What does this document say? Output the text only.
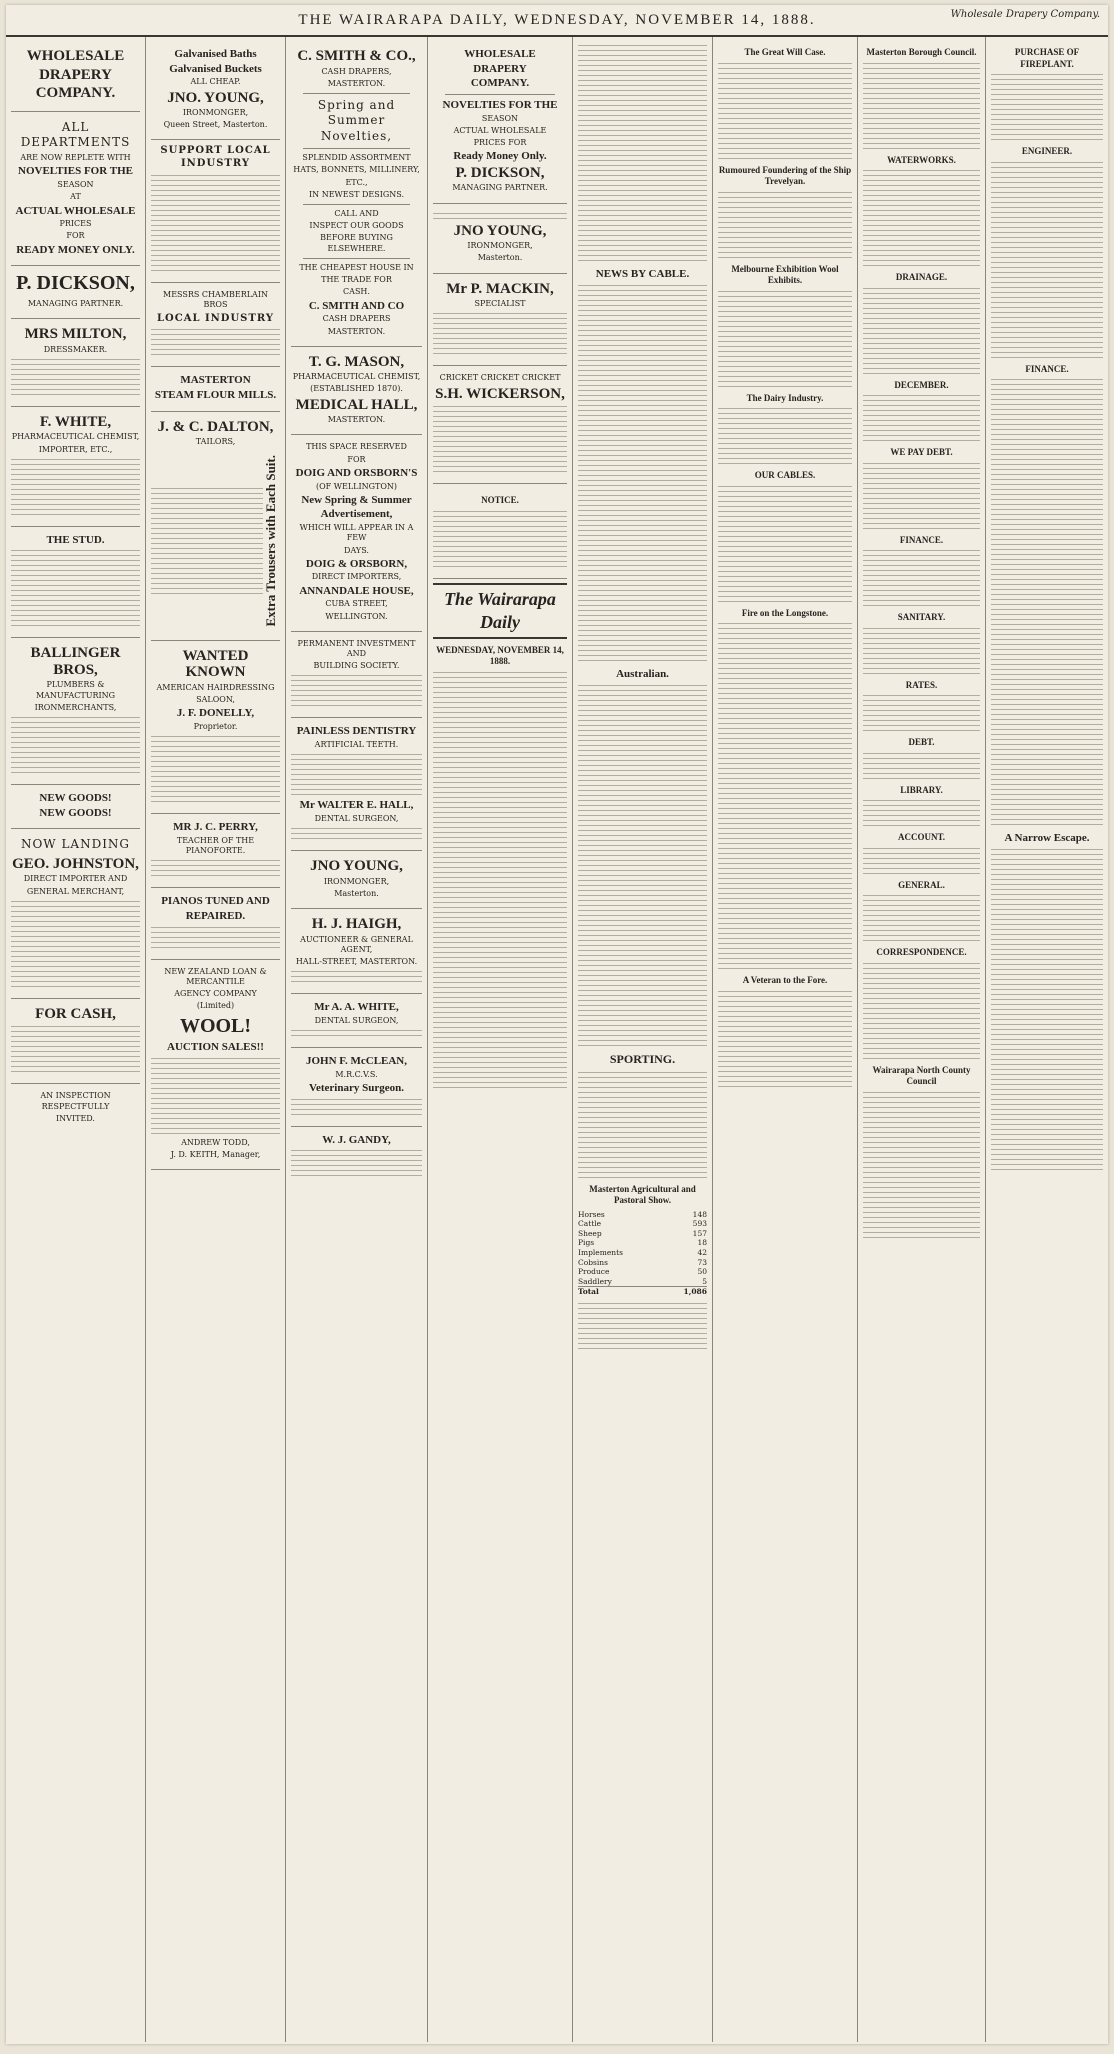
THE WAIRARAPA DAILY, WEDNESDAY, NOVEMBER 14, 1888.	Wholesale Drapery Company.
WHOLESALE
DRAPERY
COMPANY.
ALL DEPARTMENTS
ARE NOW REPLETE WITH
NOVELTIES FOR THE
SEASON
AT
ACTUAL WHOLESALE
PRICES
FOR
READY MONEY ONLY.
P. DICKSON,
MANAGING PARTNER.
MRS MILTON,
DRESSMAKER.
F. WHITE,
PHARMACEUTICAL CHEMIST,
IMPORTER, ETC.,
THE STUD.
BALLINGER BROS,
PLUMBERS & MANUFACTURING
IRONMERCHANTS,
NEW GOODS!
NEW GOODS!
NOW LANDING
GEO. JOHNSTON,
DIRECT IMPORTER AND
GENERAL MERCHANT,
FOR CASH,
AN INSPECTION RESPECTFULLY
INVITED.
Galvanised Baths
Galvanised Buckets
ALL CHEAP.
JNO. YOUNG,
IRONMONGER,
Queen Street, Masterton.
SUPPORT LOCAL INDUSTRY
MESSRS CHAMBERLAIN BROS
LOCAL INDUSTRY
MASTERTON
STEAM FLOUR MILLS.
J. & C. DALTON,
TAILORS,
Extra Trousers with Each Suit.
WANTED KNOWN
AMERICAN HAIRDRESSING
SALOON,
J. F. DONELLY,
Proprietor.
MR J. C. PERRY,
TEACHER OF THE PIANOFORTE.
PIANOS TUNED AND
REPAIRED.
NEW ZEALAND LOAN & MERCANTILE
AGENCY COMPANY
(Limited)
WOOL!
AUCTION SALES!!
ANDREW TODD,
J. D. KEITH, Manager,
C. SMITH & CO.,
CASH DRAPERS,
MASTERTON.
Spring and Summer Novelties,
SPLENDID ASSORTMENT
HATS, BONNETS, MILLINERY,
ETC.,
IN NEWEST DESIGNS.
CALL AND
INSPECT OUR GOODS
BEFORE BUYING ELSEWHERE.
THE CHEAPEST HOUSE IN
THE TRADE FOR
CASH.
C. SMITH AND CO
CASH DRAPERS
MASTERTON.
T. G. MASON,
PHARMACEUTICAL CHEMIST,
(ESTABLISHED 1870).
MEDICAL HALL,
MASTERTON.
THIS SPACE RESERVED
FOR
DOIG AND ORSBORN'S
(OF WELLINGTON)
New Spring & Summer
Advertisement,
WHICH WILL APPEAR IN A FEW
DAYS.
DOIG & ORSBORN,
DIRECT IMPORTERS,
ANNANDALE HOUSE,
CUBA STREET,
WELLINGTON.
PERMANENT INVESTMENT AND
BUILDING SOCIETY.
PAINLESS DENTISTRY
ARTIFICIAL TEETH.
Mr WALTER E. HALL,
DENTAL SURGEON,
JNO YOUNG,
IRONMONGER,
Masterton.
H. J. HAIGH,
AUCTIONEER & GENERAL AGENT,
HALL-STREET, MASTERTON.
Mr A. A. WHITE,
DENTAL SURGEON,
JOHN F. McCLEAN,
M.R.C.V.S.
Veterinary Surgeon.
W. J. GANDY,
WHOLESALE
DRAPERY
COMPANY.
NOVELTIES FOR THE
SEASON
ACTUAL WHOLESALE
PRICES FOR
Ready Money Only.
P. DICKSON,
MANAGING PARTNER.
JNO YOUNG,
IRONMONGER,
Masterton.
Mr P. MACKIN,
SPECIALIST
CRICKET CRICKET CRICKET
S.H. WICKERSON,
NOTICE.
The Wairarapa Daily
WEDNESDAY, NOVEMBER 14, 1888.
NEWS BY CABLE.
Australian.
SPORTING.
Masterton Agricultural and Pastoral Show.
Horses	148
Cattle	593
Sheep	157
Pigs	18
Implements	42
Cobsins	73
Produce	50
Saddlery	5
Total	1,086
The Great Will Case.
Rumoured Foundering of the Ship Trevelyan.
Melbourne Exhibition Wool Exhibits.
The Dairy Industry.
OUR CABLES.
Fire on the Longstone.
A Veteran to the Fore.
Masterton Borough Council.
WATERWORKS.
DRAINAGE.
DECEMBER.
WE PAY DEBT.
FINANCE.
SANITARY.
RATES.
DEBT.
LIBRARY.
ACCOUNT.
GENERAL.
CORRESPONDENCE.
Wairarapa North County Council
PURCHASE OF FIREPLANT.
ENGINEER.
FINANCE.
A Narrow Escape.
